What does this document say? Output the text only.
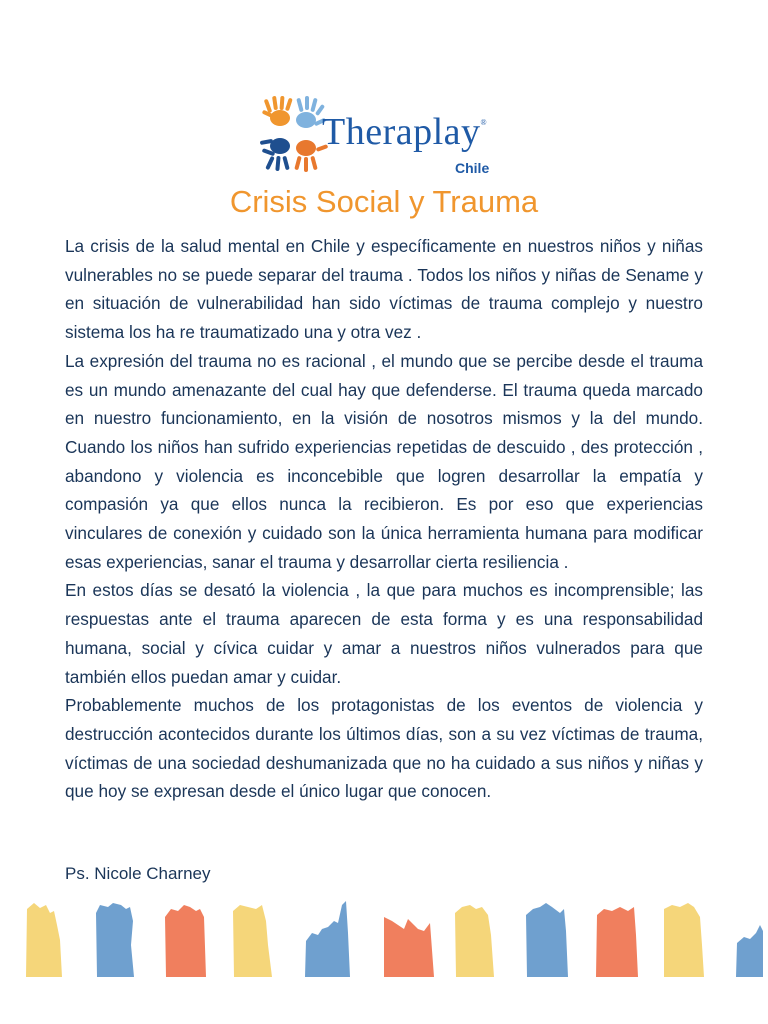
Theraplay®
Chile
Crisis Social y Trauma

La crisis de la salud mental en Chile y específicamente en nuestros niños y niñas vulnerables no se puede separar del trauma . Todos los niños y niñas de Sename y en situación de vulnerabilidad han sido víctimas de trauma complejo y nuestro sistema los ha re traumatizado una y otra vez .

La expresión del trauma no es racional , el mundo que se percibe desde el trauma es un mundo amenazante del cual hay que defenderse. El trauma queda marcado en nuestro funcionamiento, en la visión de nosotros mismos y la del mundo. Cuando los niños han sufrido experiencias repetidas de descuido , des protección , abandono y violencia es inconcebible que logren desarrollar la empatía y compasión ya que ellos nunca la recibieron. Es por eso que experiencias vinculares de conexión y cuidado son la única herramienta humana para modificar esas experiencias, sanar el trauma y desarrollar cierta resiliencia .

En estos días se desató la violencia , la que para muchos es incomprensible; las respuestas ante el trauma aparecen de esta forma y es una responsabilidad humana, social y cívica cuidar y amar a nuestros niños vulnerados para que también ellos puedan amar y cuidar.

Probablemente muchos de los protagonistas de los eventos de violencia y destrucción acontecidos durante los últimos días, son a su vez víctimas de trauma, víctimas de una sociedad deshumanizada que no ha cuidado a sus niños y niñas y que hoy se expresan desde el único lugar que conocen.

Ps. Nicole Charney
